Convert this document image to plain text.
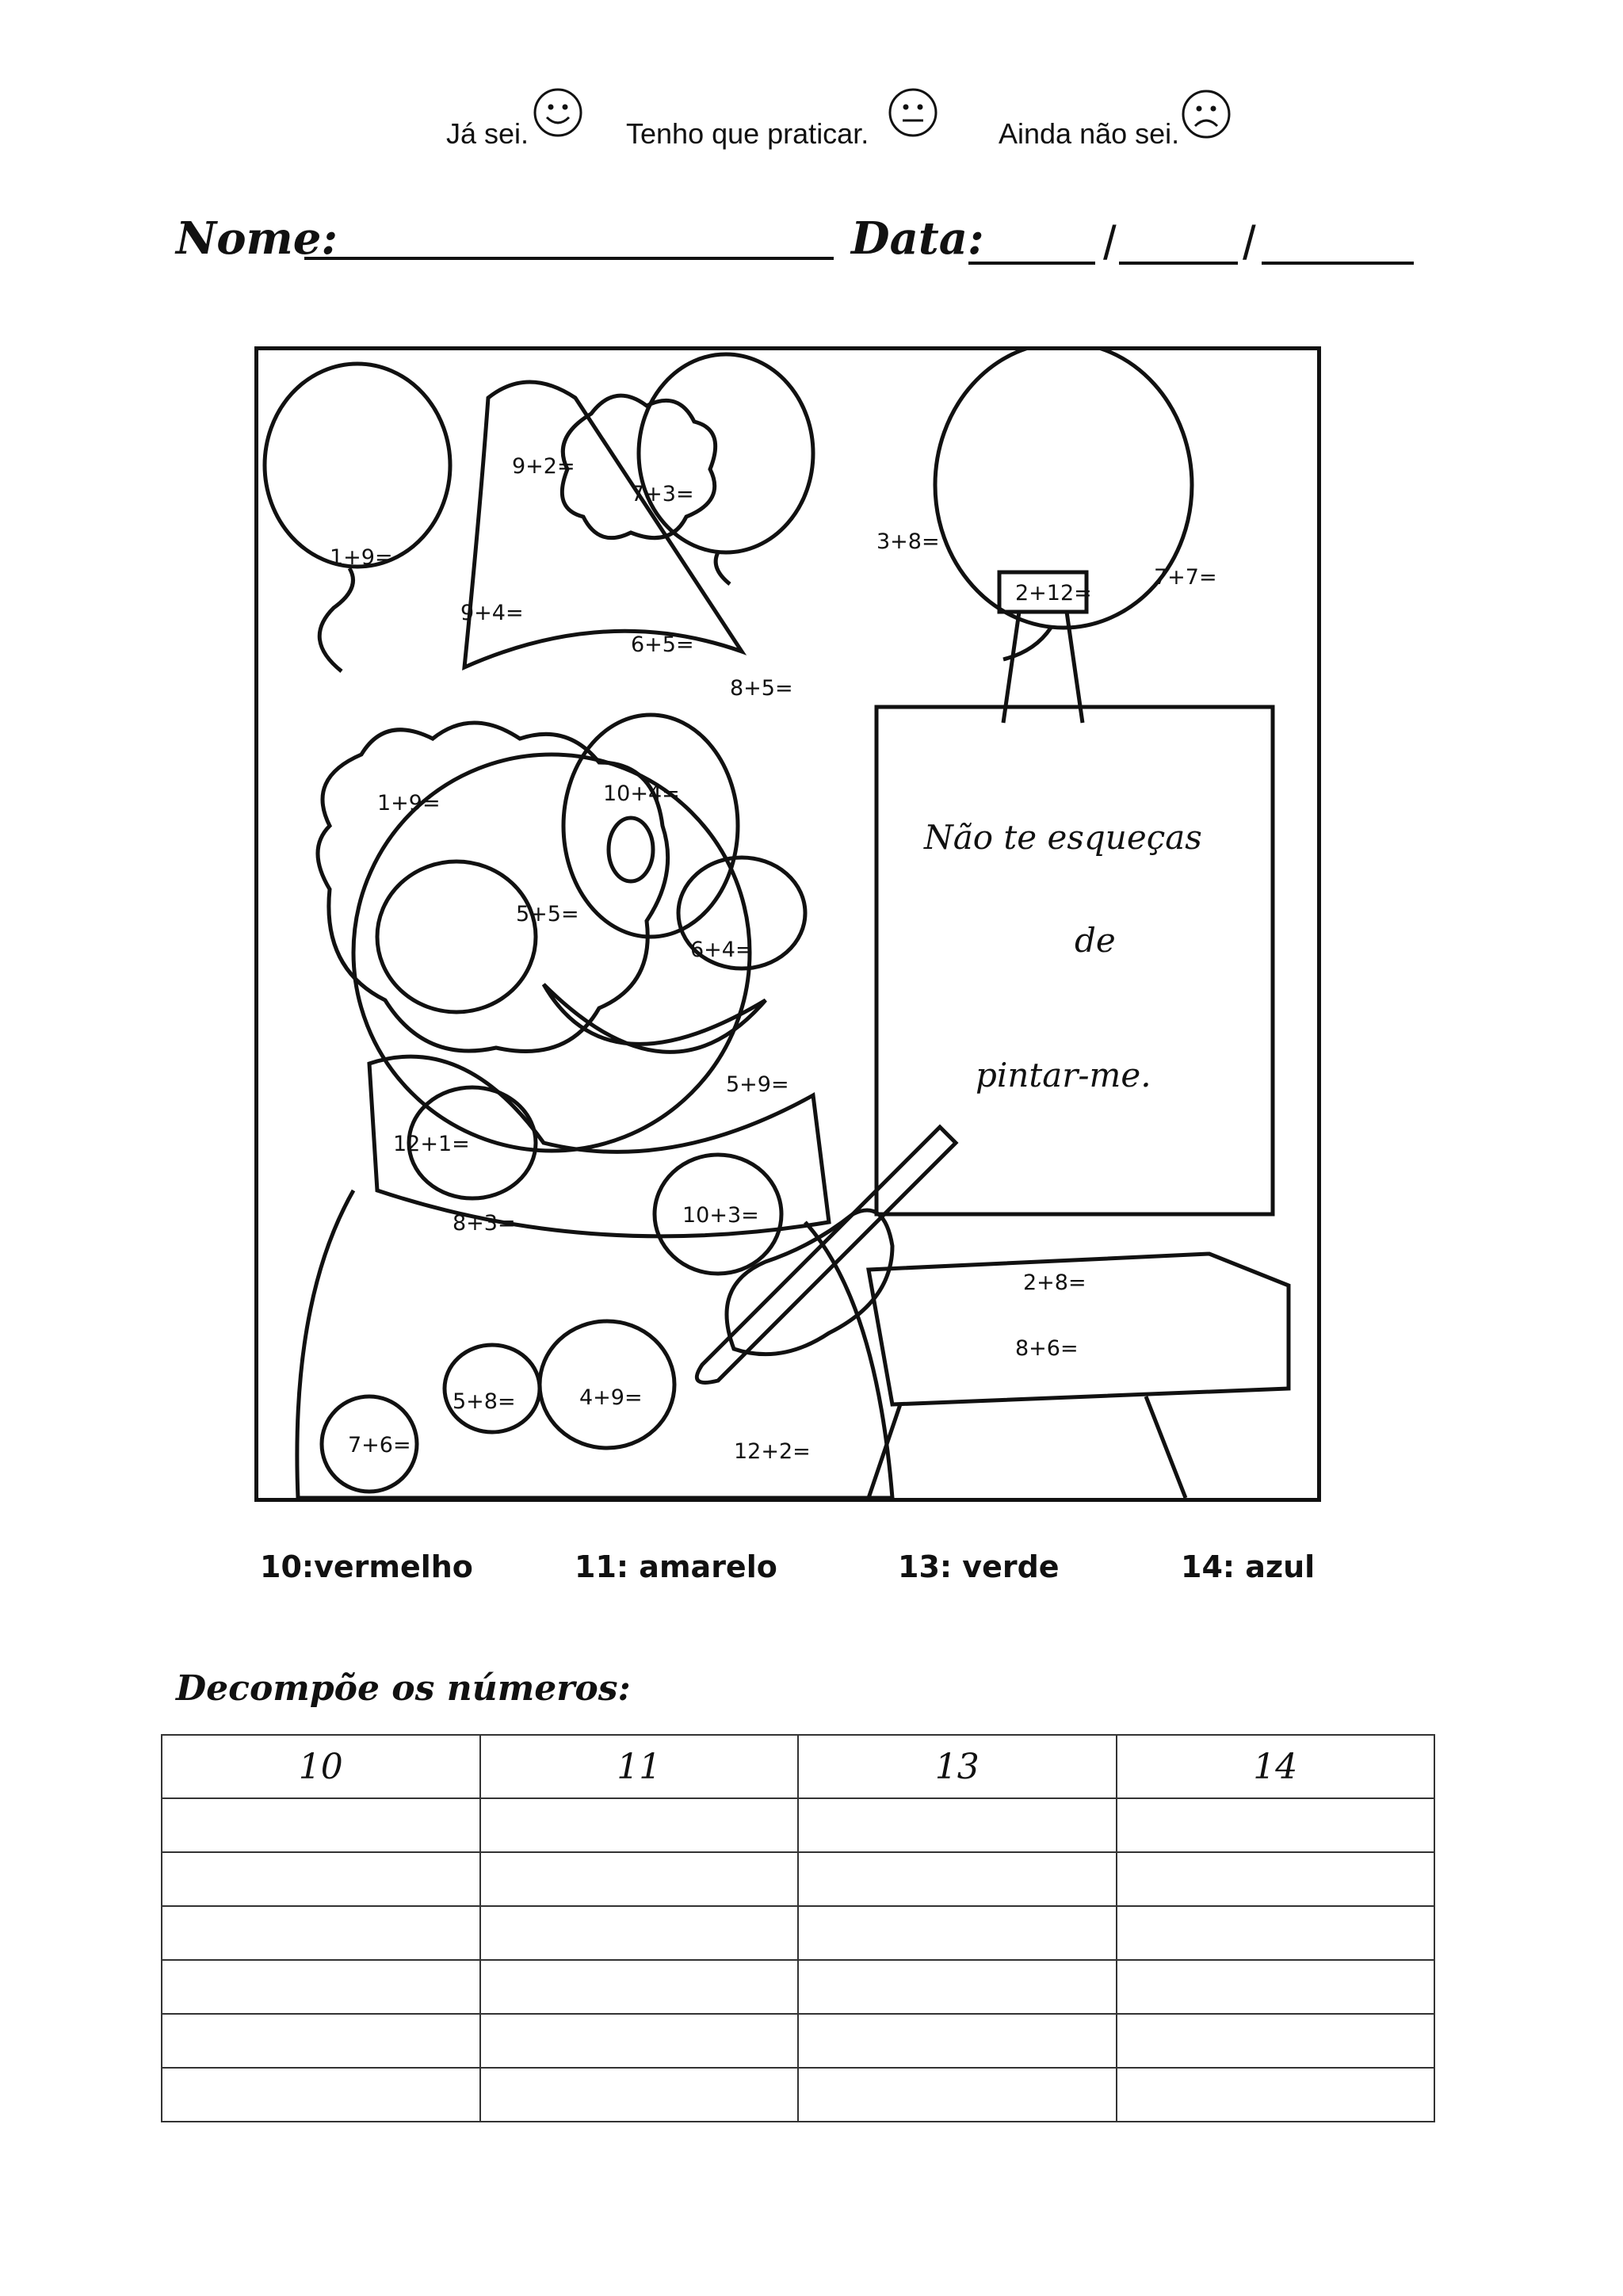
Já sei.	Tenho que praticar.	Ainda não sei.
Nome:	Data:	/	/
9+2=
7+3=
1+9=
3+8=
2+12=
7+7=
9+4=
6+5=
8+5=
1+9=	10+4=
5+5=
6+4=
5+9=
12+1=
8+3=	10+3=
2+8=
8+6=
5+8=	4+9=
7+6=	12+2=
Não te esqueças
de
pintar-me.
10:vermelho	11: amarelo	13: verde	14: azul
Decompõe os números:
10	11	13	14
